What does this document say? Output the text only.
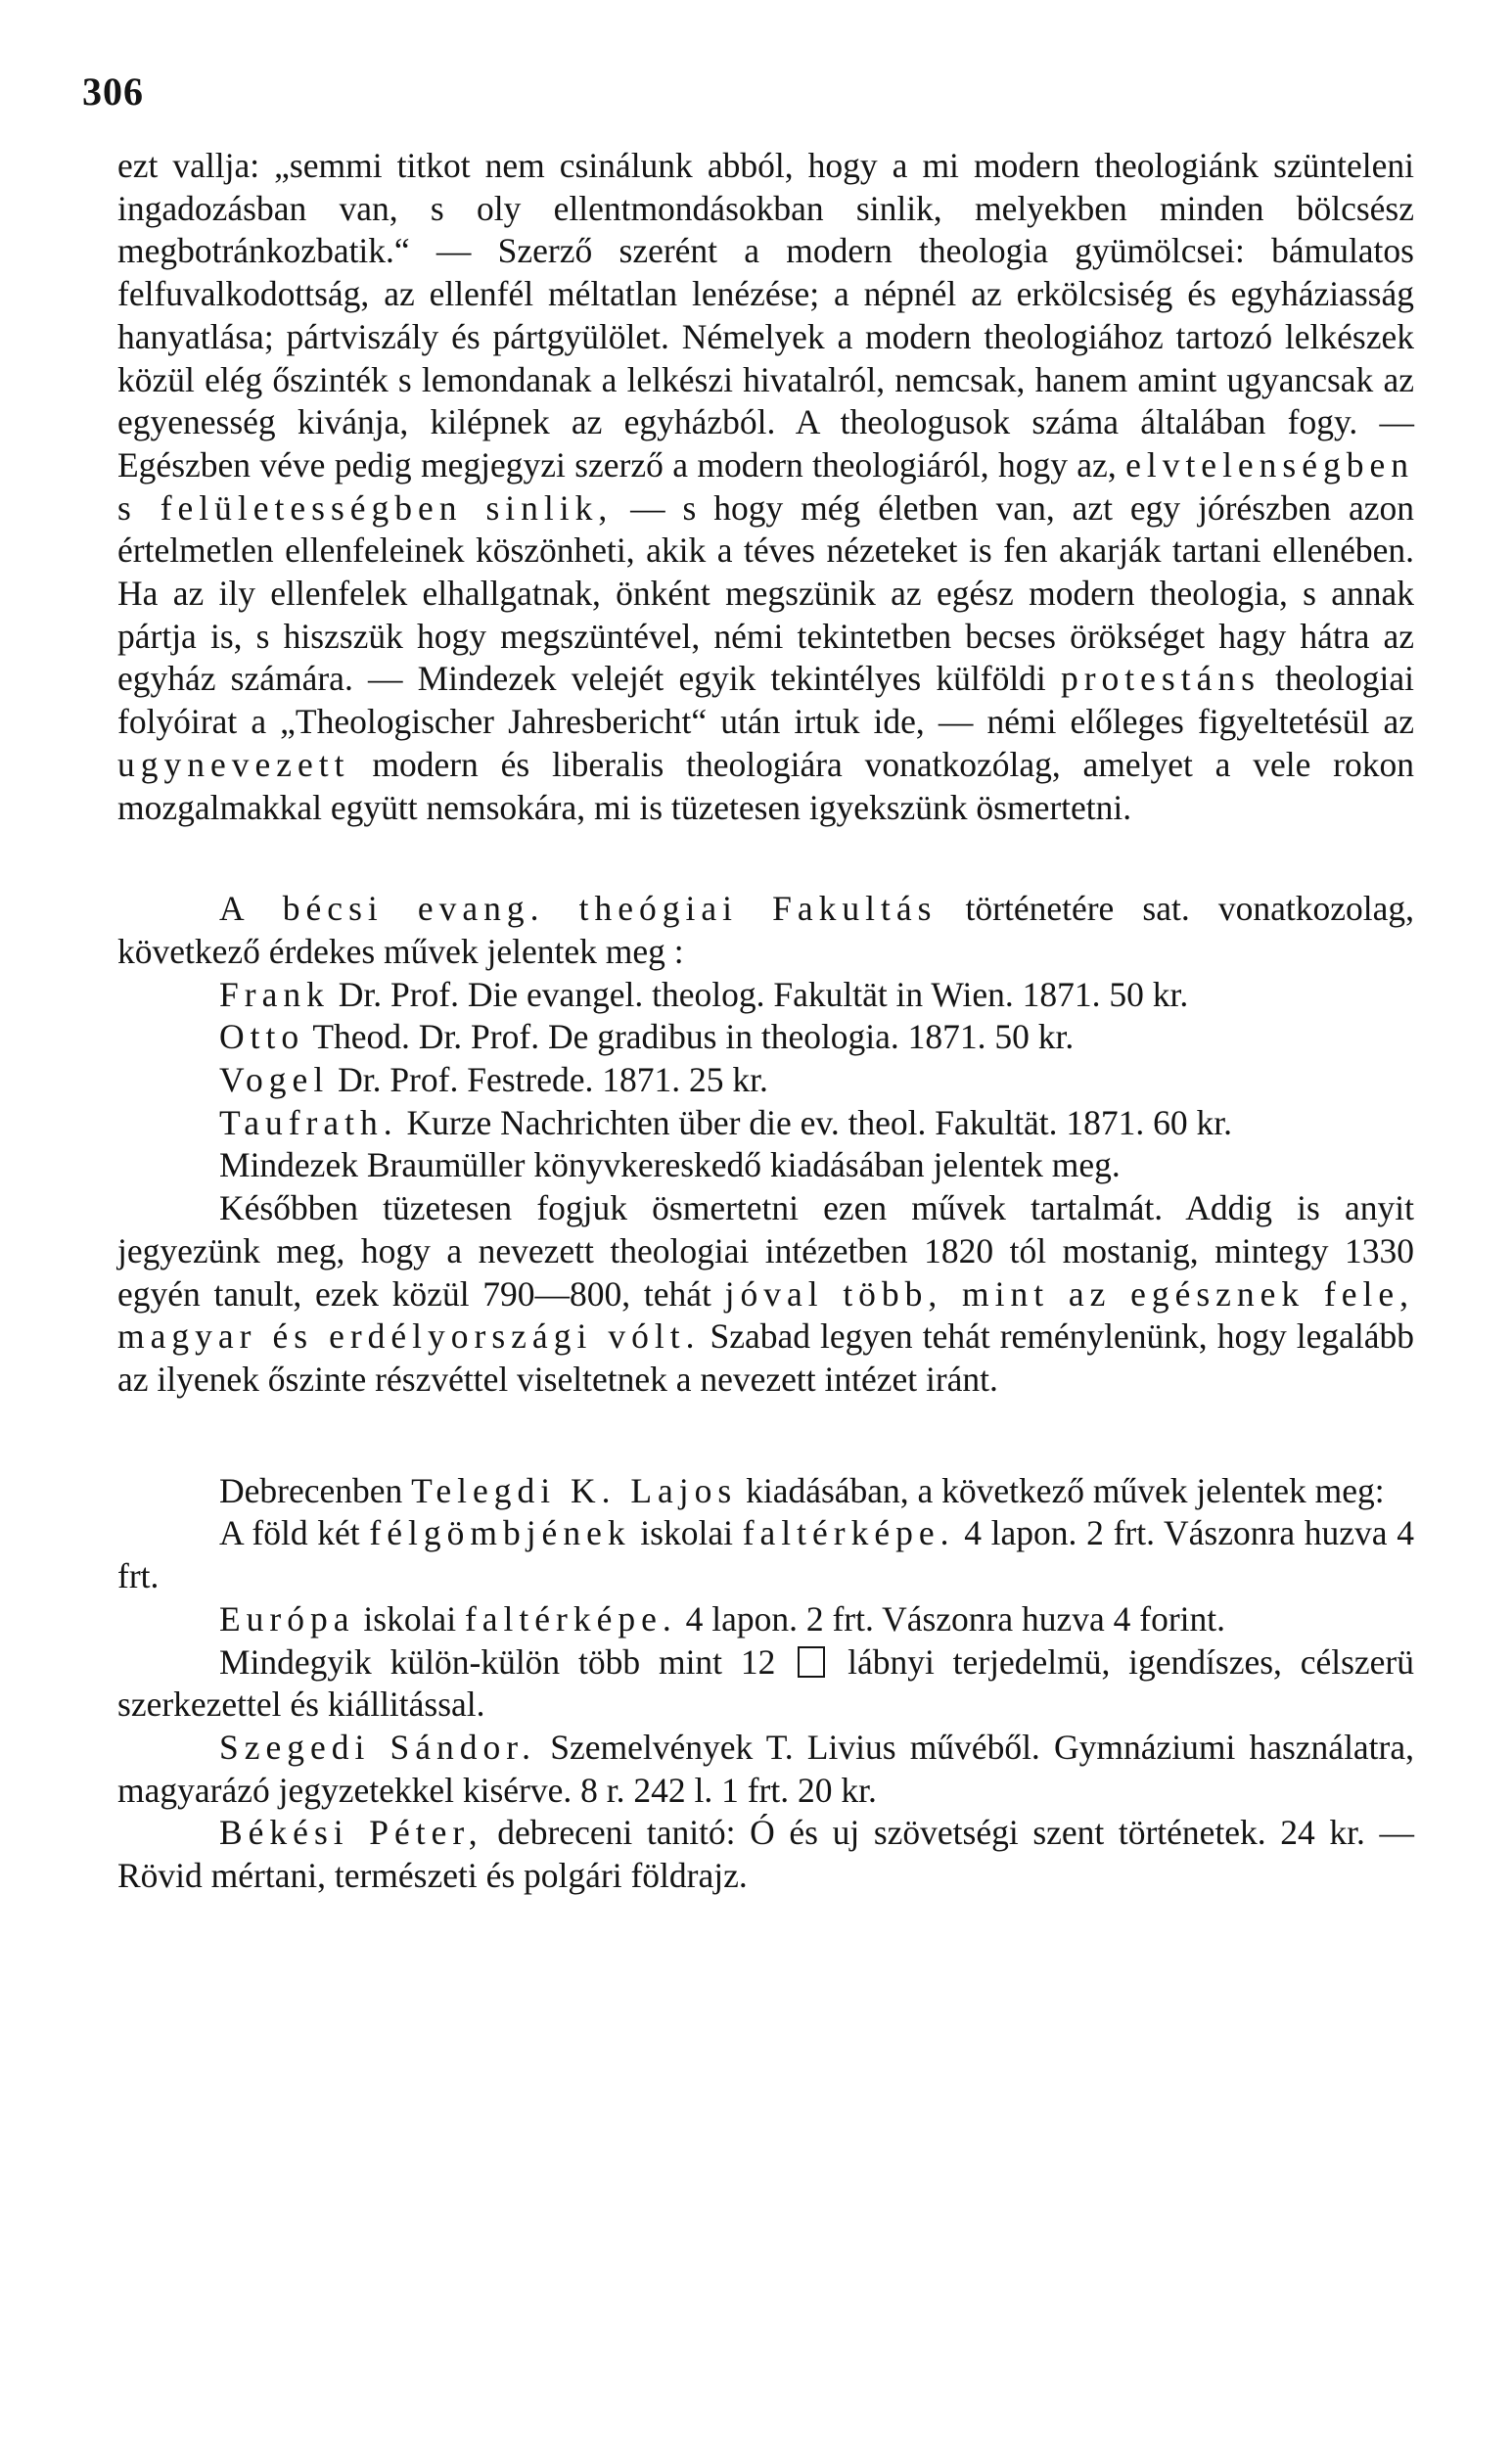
306

ezt vallja: „semmi titkot nem csinálunk abból, hogy a mi modern theologiánk szünteleni ingadozásban van, s oly ellentmondásokban sinlik, melyekben minden bölcsész megbotránkozbatik.“ — Szerző szerént a modern theologia gyümölcsei: bámulatos felfuvalkodottság, az ellenfél méltatlan lenézése; a népnél az erkölcsiség és egyháziasság hanyatlása; pártviszály és pártgyülölet. Némelyek a modern theologiához tartozó lelkészek közül elég őszinték s lemondanak a lelkészi hivatalról, nemcsak, hanem amint ugyancsak az egyenesség kivánja, kilépnek az egyházból. A theologusok száma általában fogy. — Egészben véve pedig megjegyzi szerző a modern theologiáról, hogy az, elvtelenségben s felületességben sinlik, — s hogy még életben van, azt egy jórészben azon értelmetlen ellenfeleinek köszönheti, akik a téves nézeteket is fen akarják tartani ellenében. Ha az ily ellenfelek elhallgatnak, önként megszünik az egész modern theologia, s annak pártja is, s hiszszük hogy megszüntével, némi tekintetben becses örökséget hagy hátra az egyház számára. — Mindezek velejét egyik tekintélyes külföldi protestáns theologiai folyóirat a „Theologischer Jahresbericht“ után irtuk ide, — némi előleges figyeltetésül az ugynevezett modern és liberalis theologiára vonatkozólag, amelyet a vele rokon mozgalmakkal együtt nemsokára, mi is tüzetesen igyekszünk ösmertetni.

A bécsi evang. theógiai Fakultás történetére sat. vonatkozolag, következő érdekes művek jelentek meg :

Frank Dr. Prof. Die evangel. theolog. Fakultät in Wien. 1871. 50 kr.

Otto Theod. Dr. Prof. De gradibus in theologia. 1871. 50 kr.

Vogel Dr. Prof. Festrede. 1871. 25 kr.

Taufrath. Kurze Nachrichten über die ev. theol. Fakultät. 1871. 60 kr.

Mindezek Braumüller könyvkereskedő kiadásában jelentek meg.

Későbben tüzetesen fogjuk ösmertetni ezen művek tartalmát. Addig is anyit jegyezünk meg, hogy a nevezett theologiai intézetben 1820 tól mostanig, mintegy 1330 egyén tanult, ezek közül 790—800, tehát jóval több, mint az egésznek fele, magyar és erdélyországi vólt. Szabad legyen tehát reménylenünk, hogy legalább az ilyenek őszinte részvéttel viseltetnek a nevezett intézet iránt.

Debrecenben Telegdi K. Lajos kiadásában, a következő művek jelentek meg:

A föld két félgömbjének iskolai faltérképe. 4 lapon. 2 frt. Vászonra huzva 4 frt.

Európa iskolai faltérképe. 4 lapon. 2 frt. Vászonra huzva 4 forint.

Mindegyik külön-külön több mint 12 lábnyi terjedelmü, igendíszes, célszerü szerkezettel és kiállitással.

Szegedi Sándor. Szemelvények T. Livius művéből. Gymnáziumi használatra, magyarázó jegyzetekkel kisérve. 8 r. 242 l. 1 frt. 20 kr.

Békési Péter, debreceni tanitó: Ó és uj szövetségi szent történetek. 24 kr. — Rövid mértani, természeti és polgári földrajz.
